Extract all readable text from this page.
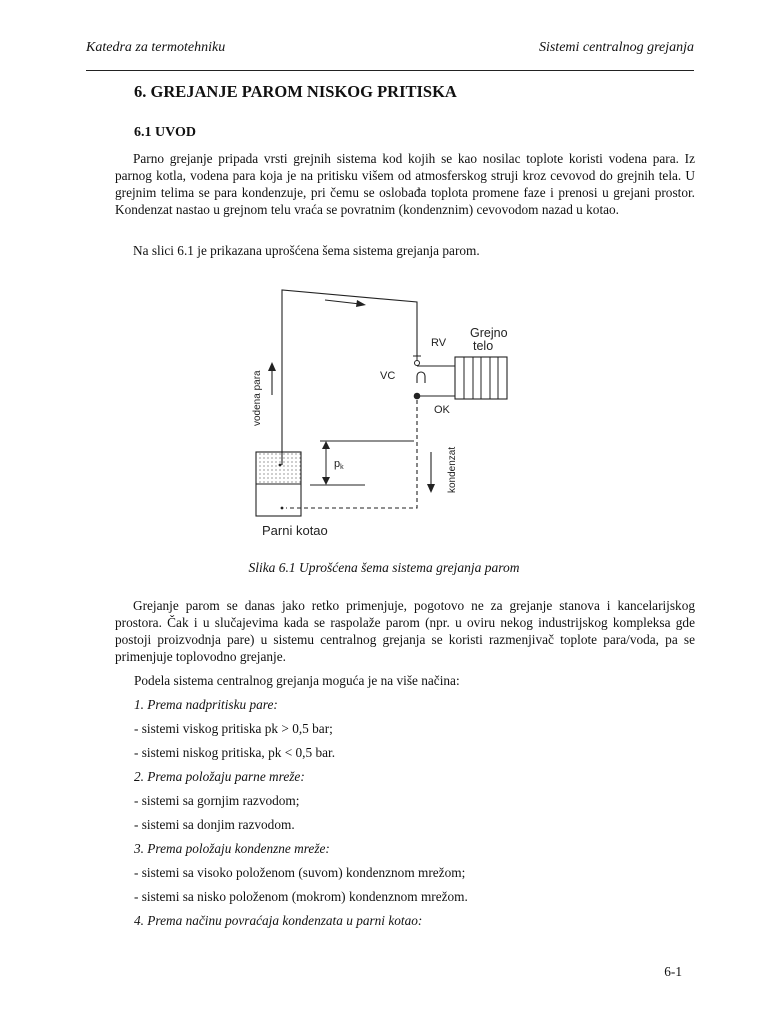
Katedra za termotehniku	Sistemi centralnog grejanja
6. GREJANJE PAROM NISKOG PRITISKA
6.1 UVOD

Parno grejanje pripada vrsti grejnih sistema kod kojih se kao nosilac toplote koristi vodena para. Iz parnog kotla, vodena para koja je na pritisku višem od atmosferskog struji kroz cevovod do grejnih tela. U grejnim telima se para kondenzuje, pri čemu se oslobađa toplota promene faze i prenosi u grejani prostor. Kondenzat nastao u grejnom telu vraća se povratnim (kondenznim) cevovodom nazad u kotao.

Na slici 6.1 je prikazana uprošćena šema sistema grejanja parom.

vodena para
Grejno
telo
RV
VC
OK
pk	kondenzat
Parni kotao
Slika 6.1 Uprošćena šema sistema grejanja parom

Grejanje parom se danas jako retko primenjuje, pogotovo ne za grejanje stanova i kancelarijskog prostora. Čak i u slučajevima kada se raspolaže parom (npr. u oviru nekog industrijskog kompleksa gde postoji proizvodnja pare) u sistemu centralnog grejanja se koristi razmenjivač toplote para/voda, pa se primenjuje toplovodno grejanje.

Podela sistema centralnog grejanja moguća je na više načina:
1. Prema nadpritisku pare:
- sistemi viskog pritiska pk > 0,5 bar;
- sistemi niskog pritiska, pk < 0,5 bar.
2. Prema položaju parne mreže:
- sistemi sa gornjim razvodom;
- sistemi sa donjim razvodom.
3. Prema položaju kondenzne mreže:
- sistemi sa visoko položenom (suvom) kondenznom mrežom;
- sistemi sa nisko položenom (mokrom) kondenznom mrežom.
4. Prema načinu povraćaja kondenzata u parni kotao:
6-1
